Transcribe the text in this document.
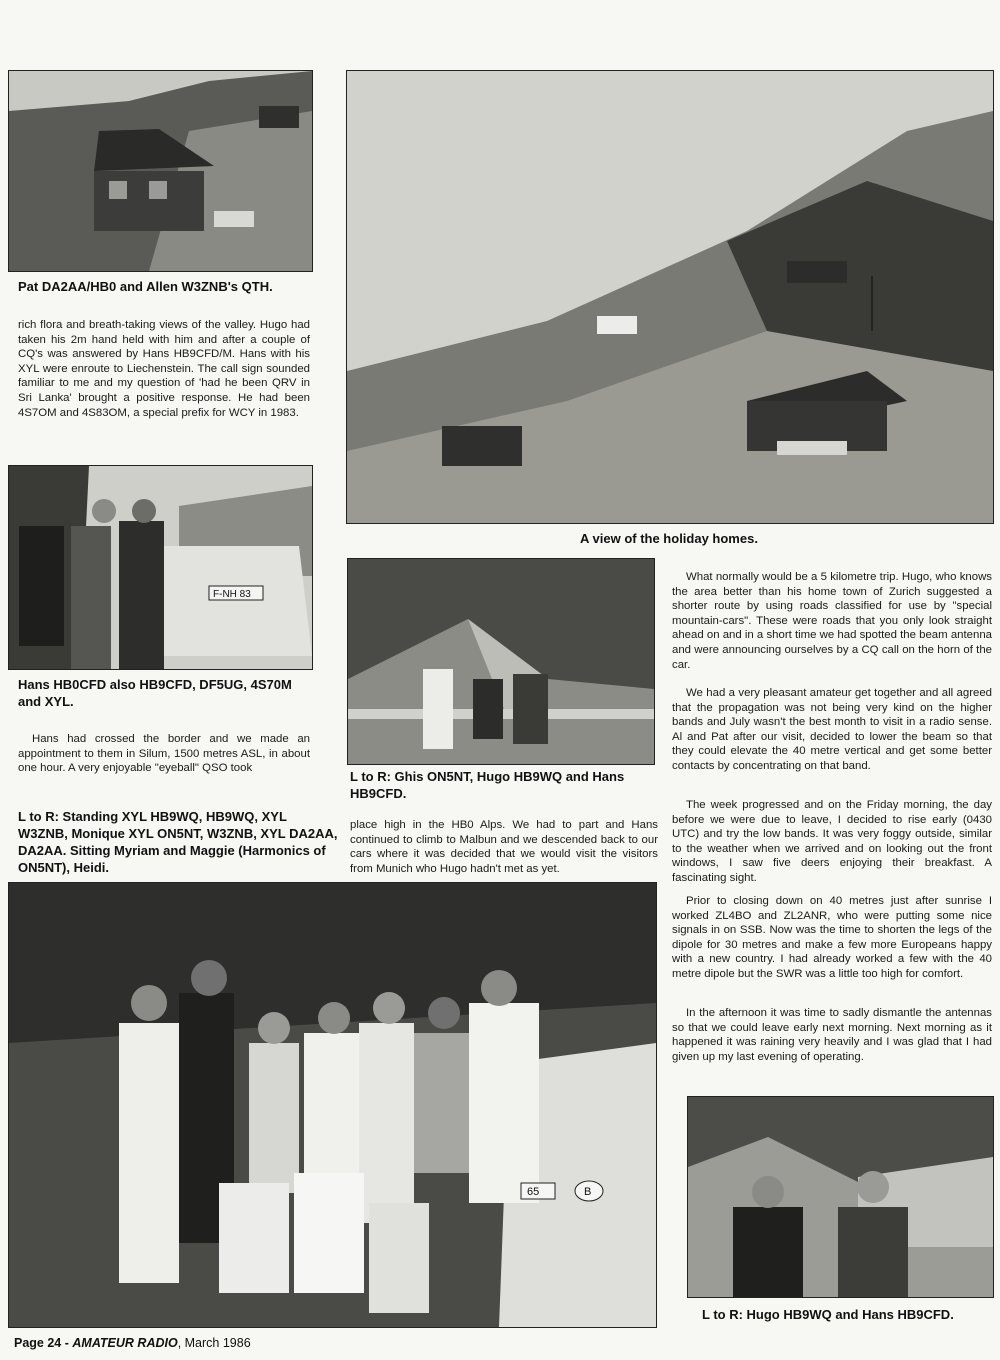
Pat DA2AA/HB0 and Allen W3ZNB's QTH.

A view of the holiday homes.

rich flora and breath-taking views of the valley. Hugo had taken his 2m hand held with him and after a couple of CQ's was answered by Hans HB9CFD/M. Hans with his XYL were enroute to Liechenstein. The call sign sounded familiar to me and my question of 'had he been QRV in Sri Lanka' brought a positive response. He had been 4S7OM and 4S83OM, a special prefix for WCY in 1983.

F-NH 83

Hans HB0CFD also HB9CFD, DF5UG, 4S70M and XYL.

Hans had crossed the border and we made an appointment to them in Silum, 1500 metres ASL, in about one hour. A very enjoyable "eyeball" QSO took

L to R: Standing XYL HB9WQ, HB9WQ, XYL W3ZNB, Monique XYL ON5NT, W3ZNB, XYL DA2AA, DA2AA. Sitting Myriam and Maggie (Harmonics of ON5NT), Heidi.

L to R: Ghis ON5NT, Hugo HB9WQ and Hans HB9CFD.

place high in the HB0 Alps. We had to part and Hans continued to climb to Malbun and we descended back to our cars where it was decided that we would visit the visitors from Munich who Hugo hadn't met as yet.

What normally would be a 5 kilometre trip. Hugo, who knows the area better than his home town of Zurich suggested a shorter route by using roads classified for use by "special mountain-cars". These were roads that you only look straight ahead on and in a short time we had spotted the beam antenna and were announcing ourselves by a CQ call on the horn of the car.

We had a very pleasant amateur get together and all agreed that the propagation was not being very kind on the higher bands and July wasn't the best month to visit in a radio sense. Al and Pat after our visit, decided to lower the beam so that they could elevate the 40 metre vertical and get some better contacts by concentrating on that band.

The week progressed and on the Friday morning, the day before we were due to leave, I decided to rise early (0430 UTC) and try the low bands. It was very foggy outside, similar to the weather when we arrived and on looking out the front windows, I saw five deers enjoying their breakfast. A fascinating sight.

Prior to closing down on 40 metres just after sunrise I worked ZL4BO and ZL2ANR, who were putting some nice signals in on SSB. Now was the time to shorten the legs of the dipole for 30 metres and make a few more Europeans happy with a new country. I had already worked a few with the 40 metre dipole but the SWR was a little too high for comfort.

In the afternoon it was time to sadly dismantle the antennas so that we could leave early next morning. Next morning as it happened it was raining very heavily and I was glad that I had given up my last evening of operating.

65	B

L to R: Hugo HB9WQ and Hans HB9CFD.

Page 24 - AMATEUR RADIO, March 1986
